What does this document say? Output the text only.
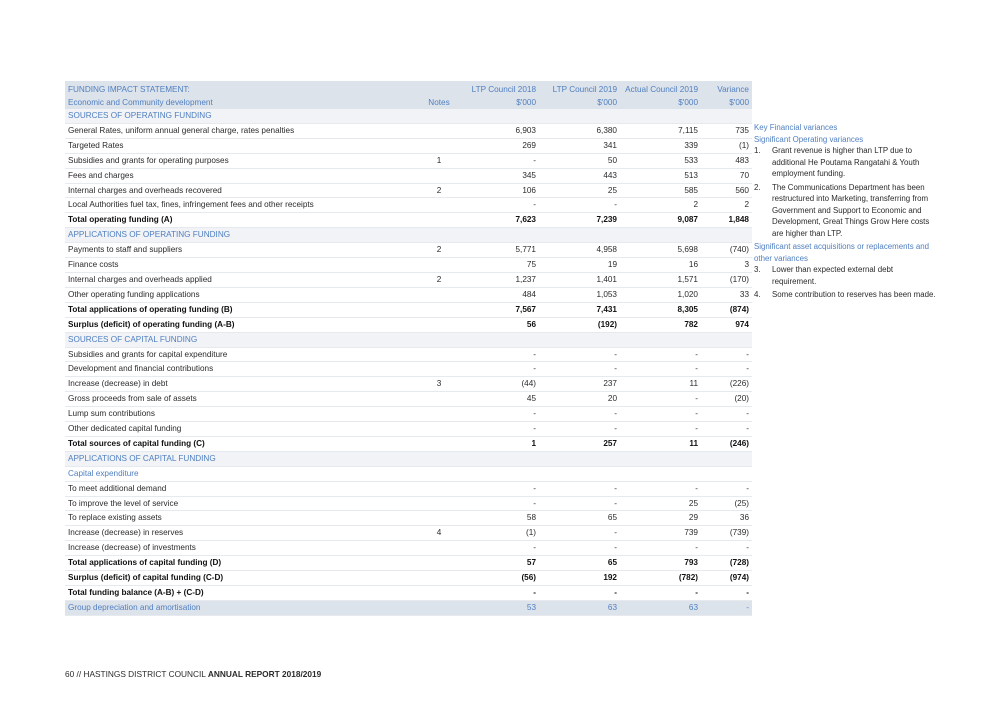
FUNDING IMPACT STATEMENT:		LTP Council 2018	LTP Council 2019	Actual Council 2019	Variance
Economic and Community development	Notes	$'000	$'000	$'000	$'000
SOURCES OF OPERATING FUNDING					
General Rates, uniform annual general charge, rates penalties		6,903	6,380	7,115	735
Targeted Rates		269	341	339	(1)
Subsidies and grants for operating purposes	1	-	50	533	483
Fees and charges		345	443	513	70
Internal charges and overheads recovered	2	106	25	585	560
Local Authorities fuel tax, fines, infringement fees and other receipts		-	-	2	2
Total operating funding (A)		7,623	7,239	9,087	1,848
APPLICATIONS OF OPERATING FUNDING					
Payments to staff and suppliers	2	5,771	4,958	5,698	(740)
Finance costs		75	19	16	3
Internal charges and overheads applied	2	1,237	1,401	1,571	(170)
Other operating funding applications		484	1,053	1,020	33
Total applications of operating funding (B)		7,567	7,431	8,305	(874)
Surplus (deficit) of operating funding (A-B)		56	(192)	782	974
SOURCES OF CAPITAL FUNDING					
Subsidies and grants for capital expenditure		-	-	-	-
Development and financial contributions		-	-	-	-
Increase (decrease) in debt	3	(44)	237	11	(226)
Gross proceeds from sale of assets		45	20	-	(20)
Lump sum contributions		-	-	-	-
Other dedicated capital funding		-	-	-	-
Total sources of capital funding (C)		1	257	11	(246)
APPLICATIONS OF CAPITAL FUNDING					
Capital expenditure					
To meet additional demand		-	-	-	-
To improve the level of service		-	-	25	(25)
To replace existing assets		58	65	29	36
Increase (decrease) in reserves	4	(1)	-	739	(739)
Increase (decrease) of investments		-	-	-	-
Total applications of capital funding (D)		57	65	793	(728)
Surplus (deficit) of capital funding (C-D)		(56)	192	(782)	(974)
Total funding balance (A-B) + (C-D)		-	-	-	-
Group depreciation and amortisation		53	63	63	-
Key Financial variances
Significant Operating variances
1.	Grant revenue is higher than LTP due to additional He Poutama Rangatahi & Youth employment funding.
2.	The Communications Department has been restructured into Marketing, transferring from Government and Support to Economic and Development, Great Things Grow Here costs are higher than LTP.
Significant asset acquisitions or replacements and other variances
3.	Lower than expected external debt requirement.
4.	Some contribution to reserves has been made.
60 // HASTINGS DISTRICT COUNCIL ANNUAL REPORT 2018/2019
